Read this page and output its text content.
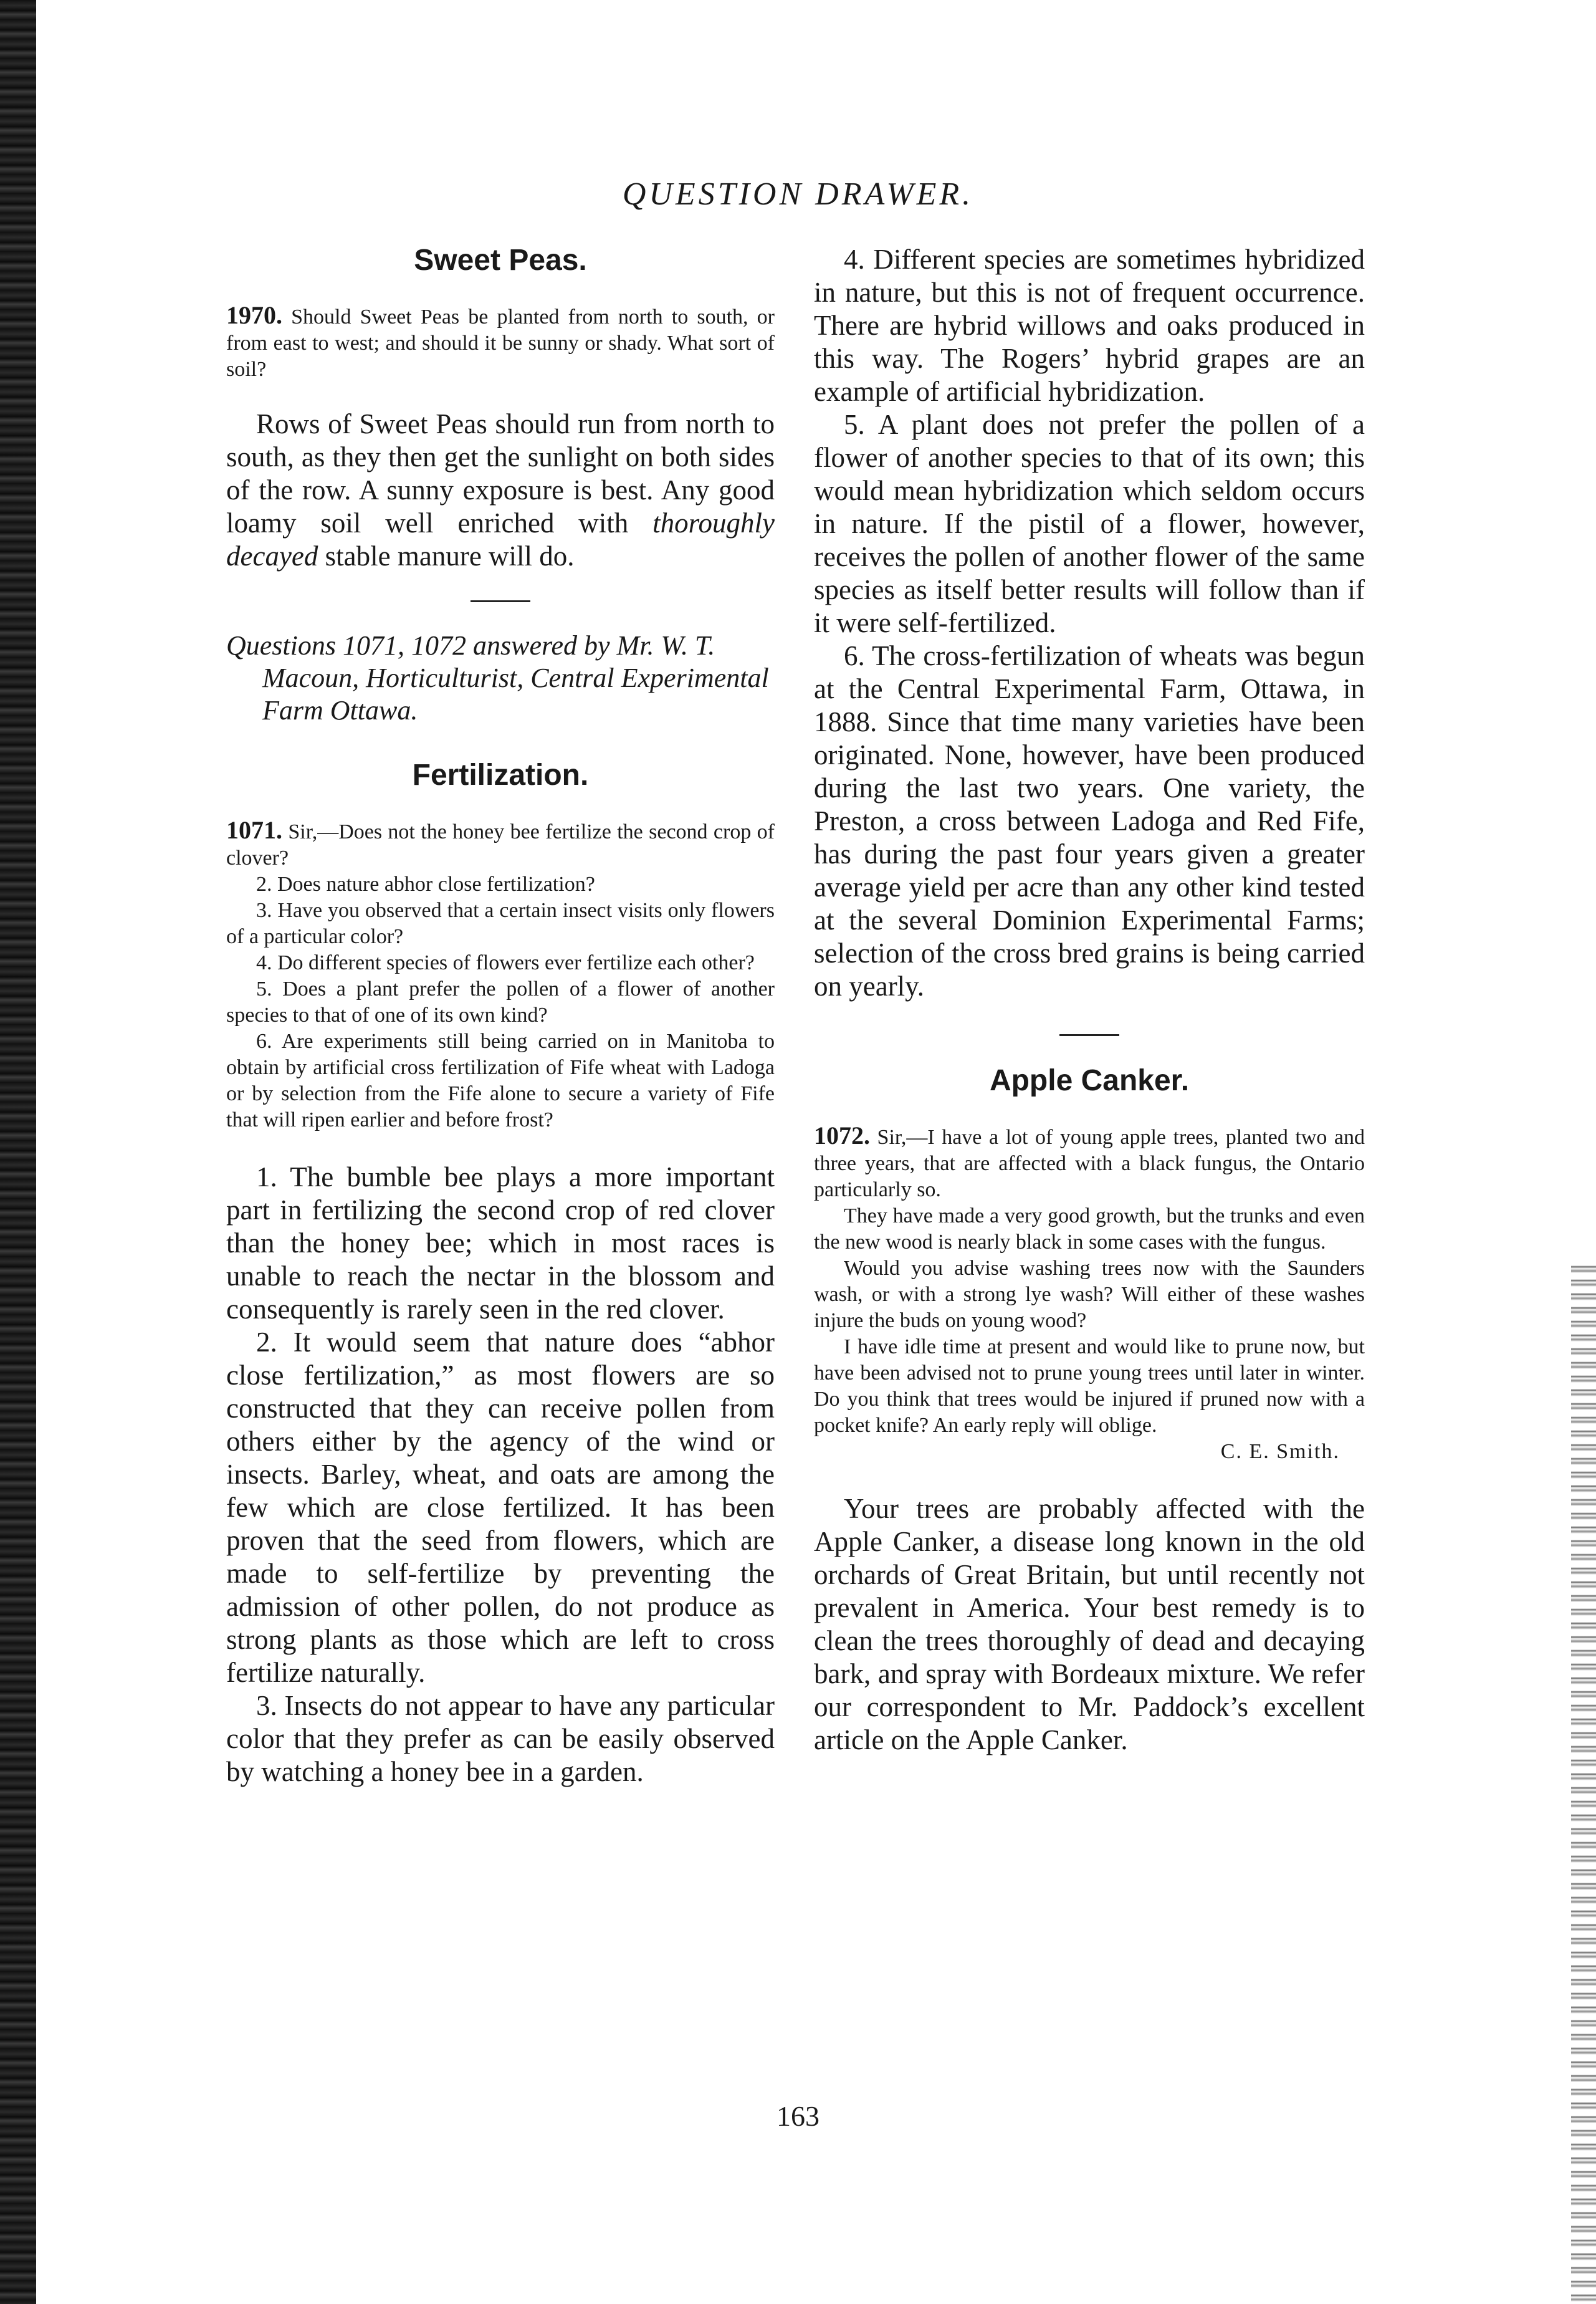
QUESTION DRAWER.
Sweet Peas.

1970. Should Sweet Peas be planted from north to south, or from east to west; and should it be sunny or shady. What sort of soil?

Rows of Sweet Peas should run from north to south, as they then get the sunlight on both sides of the row. A sunny exposure is best. Any good loamy soil well enriched with thoroughly decayed stable manure will do.

Questions 1071, 1072 answered by Mr. W. T. Macoun, Horticulturist, Central Experimental Farm Ottawa.

Fertilization.

1071. Sir,—Does not the honey bee fertilize the second crop of clover?

2. Does nature abhor close fertilization?

3. Have you observed that a certain insect visits only flowers of a particular color?

4. Do different species of flowers ever fertilize each other?

5. Does a plant prefer the pollen of a flower of another species to that of one of its own kind?

6. Are experiments still being carried on in Manitoba to obtain by artificial cross fertilization of Fife wheat with Ladoga or by selection from the Fife alone to secure a variety of Fife that will ripen earlier and before frost?

1. The bumble bee plays a more important part in fertilizing the second crop of red clover than the honey bee; which in most races is unable to reach the nectar in the blossom and consequently is rarely seen in the red clover.

2. It would seem that nature does “abhor close fertilization,” as most flowers are so constructed that they can receive pollen from others either by the agency of the wind or insects. Barley, wheat, and oats are among the few which are close fertilized. It has been proven that the seed from flowers, which are made to self-fertilize by preventing the admission of other pollen, do not produce as strong plants as those which are left to cross fertilize naturally.

3. Insects do not appear to have any particular color that they prefer as can be easily observed by watching a honey bee in a garden.

4. Different species are sometimes hybridized in nature, but this is not of frequent occurrence. There are hybrid willows and oaks produced in this way. The Rogers’ hybrid grapes are an example of artificial hybridization.

5. A plant does not prefer the pollen of a flower of another species to that of its own; this would mean hybridization which seldom occurs in nature. If the pistil of a flower, however, receives the pollen of another flower of the same species as itself better results will follow than if it were self-fertilized.

6. The cross-fertilization of wheats was begun at the Central Experimental Farm, Ottawa, in 1888. Since that time many varieties have been originated. None, however, have been produced during the last two years. One variety, the Preston, a cross between Ladoga and Red Fife, has during the past four years given a greater average yield per acre than any other kind tested at the several Dominion Experimental Farms; selection of the cross bred grains is being carried on yearly.

Apple Canker.

1072. Sir,—I have a lot of young apple trees, planted two and three years, that are affected with a black fungus, the Ontario particularly so.

They have made a very good growth, but the trunks and even the new wood is nearly black in some cases with the fungus.

Would you advise washing trees now with the Saunders wash, or with a strong lye wash? Will either of these washes injure the buds on young wood?

I have idle time at present and would like to prune now, but have been advised not to prune young trees until later in winter. Do you think that trees would be injured if pruned now with a pocket knife? An early reply will oblige.

C. E. Smith.

Your trees are probably affected with the Apple Canker, a disease long known in the old orchards of Great Britain, but until recently not prevalent in America. Your best remedy is to clean the trees thoroughly of dead and decaying bark, and spray with Bordeaux mixture. We refer our correspondent to Mr. Paddock’s excellent article on the Apple Canker.

163
